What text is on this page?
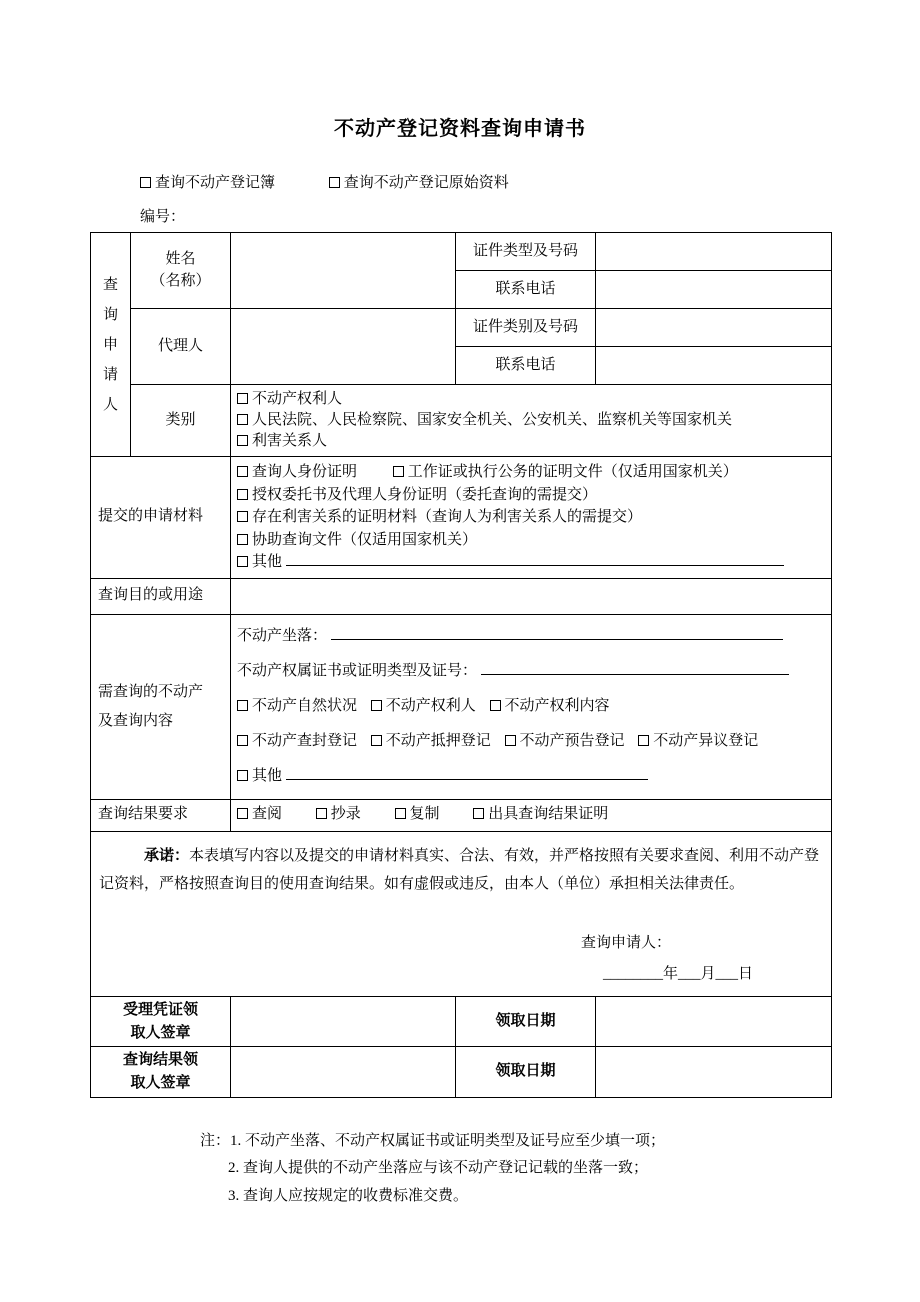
不动产登记资料查询申请书
查询不动产登记簿	查询不动产登记原始资料
编号：
查询申请人	姓名
（名称）		证件类型及号码	
			联系电话	
	代理人		证件类别及号码	
			联系电话	
	类别	不动产权利人
人民法院、人民检察院、国家安全机关、公安机关、监察机关等国家机关
利害关系人		

提交的申请材料		查询人身份证明 工作证或执行公务的证明文件（仅适用国家机关）
授权委托书及代理人身份证明（委托查询的需提交）
存在利害关系的证明材料（查询人为利害关系人的需提交）
协助查询文件（仅适用国家机关）
其他		

查询目的或用途				
需查询的不动产及查询内容		不动产坐落：
不动产权属证书或证明类型及证号：
不动产自然状况 不动产权利人 不动产权利内容
不动产查封登记 不动产抵押登记 不动产预告登记 不动产异议登记
其他		

查询结果要求		查阅 抄录 复制 出具查询结果证明		

承诺：本表填写内容以及提交的申请材料真实、合法、有效，并严格按照有关要求查阅、利用不动产登记资料，严格按照查询目的使用查询结果。如有虚假或违反，由本人（单位）承担相关法律责任。

查询申请人：
________年___月___日				

受理凭证领取人签章			领取日期	
查询结果领取人签章			领取日期	
注：1. 不动产坐落、不动产权属证书或证明类型及证号应至少填一项；
2. 查询人提供的不动产坐落应与该不动产登记记载的坐落一致；
3. 查询人应按规定的收费标准交费。
